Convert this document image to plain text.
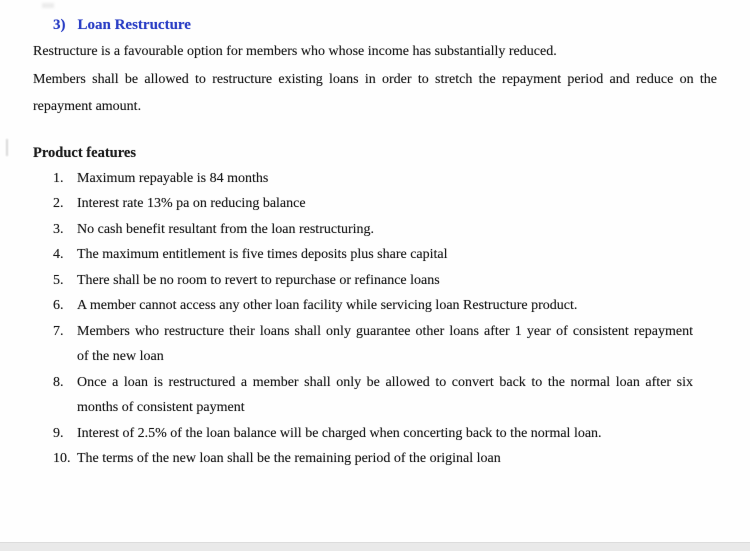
3) Loan Restructure
Restructure is a favourable option for members who whose income has substantially reduced.
Members shall be allowed to restructure existing loans in order to stretch the repayment period and reduce on the
repayment amount.
Product features
1. Maximum repayable is 84 months
2. Interest rate 13% pa on reducing balance
3. No cash benefit resultant from the loan restructuring.
4. The maximum entitlement is five times deposits plus share capital
5. There shall be no room to revert to repurchase or refinance loans
6. A member cannot access any other loan facility while servicing loan Restructure product.
7. Members who restructure their loans shall only guarantee other loans after 1 year of consistent repayment
of the new loan
8. Once a loan is restructured a member shall only be allowed to convert back to the normal loan after six
months of consistent payment
9. Interest of 2.5% of the loan balance will be charged when concerting back to the normal loan.
10. The terms of the new loan shall be the remaining period of the original loan
